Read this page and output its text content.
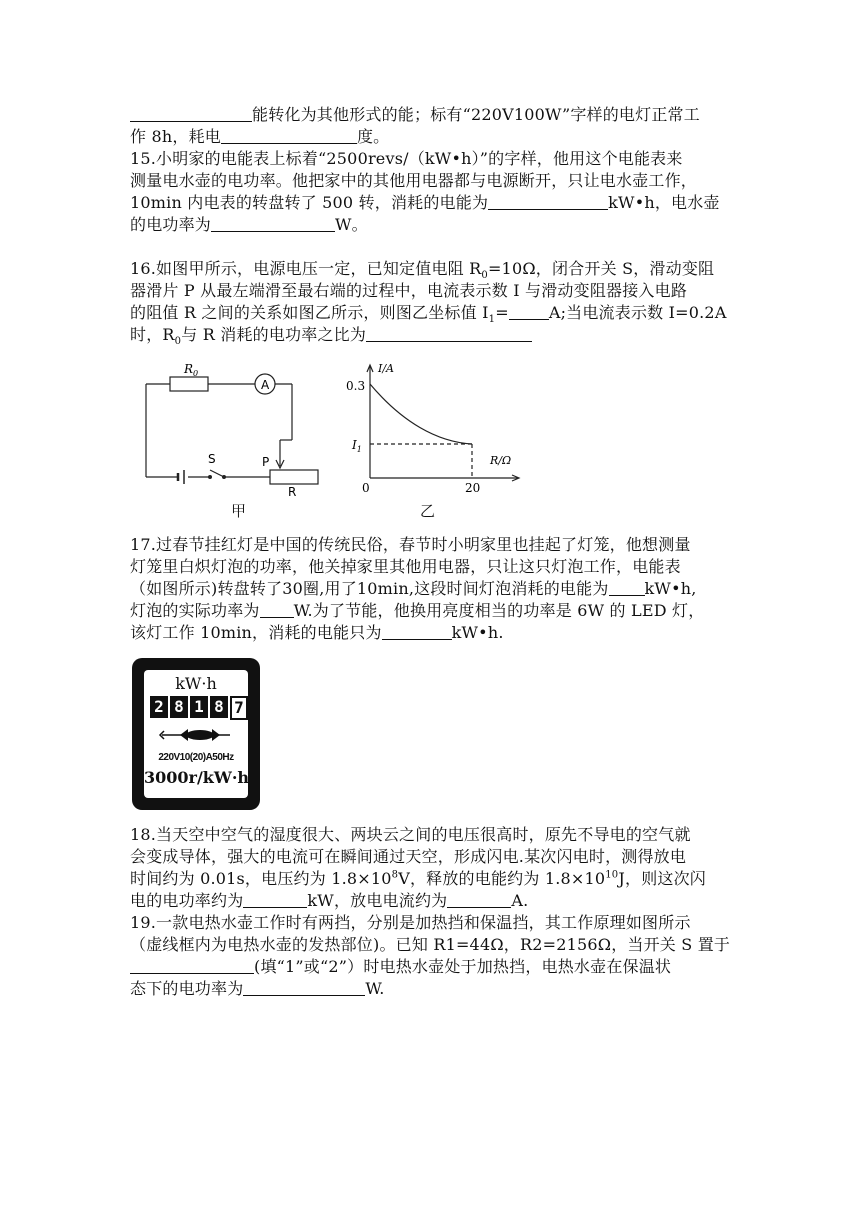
能转化为其他形式的能；标有“220V100W”字样的电灯正常工
作 8h，耗电	度。
15.小明家的电能表上标着“2500revs/（kW•h）”的字样，他用这个电能表来
测量电水壶的电功率。他把家中的其他用电器都与电源断开，只让电水壶工作，
10min 内电表的转盘转了 500 转，消耗的电能为	kW•h，电水壶
的电功率为	W。
16.如图甲所示，电源电压一定，已知定值电阻 $R_0=10\Omega$，闭合开关 S，滑动变阻
器滑片 P 从最左端滑至最右端的过程中，电流表示数 I 与滑动变阻器接入电路
的阻值 R 之间的关系如图乙所示，则图乙坐标值 $I_1=$	A;当电流表示数 I=0.2A
时，$R_0$与 R 消耗的电功率之比为
$R_0$
A
S	P
R
甲
I/A
R/Ω
0.3
$I_1$
0	20
乙
17.过春节挂红灯是中国的传统民俗，春节时小明家里也挂起了灯笼，他想测量
灯笼里白炽灯泡的功率，他关掉家里其他用电器，只让这只灯泡工作，电能表
（如图所示)转盘转了30圈,用了10min,这段时间灯泡消耗的电能为 kW•h,
灯泡的实际功率为 W.为了节能，他换用亮度相当的功率是 6W 的 LED 灯，
该灯工作 10min，消耗的电能只为	kW•h.
kW·h
2 8 1 8 7
220V10(20)A50Hz
3000r/kW·h
18.当天空中空气的湿度很大、两块云之间的电压很高时，原先不导电的空气就
会变成导体，强大的电流可在瞬间通过天空，形成闪电.某次闪电时，测得放电
时间约为 0.01s，电压约为 $1.8\times 10^8V$，释放的电能约为 $1.8\times 10^{10}J$，则这次闪
电的电功率约为	kW，放电电流约为	A.
19.一款电热水壶工作时有两挡，分别是加热挡和保温挡，其工作原理如图所示
（虚线框内为电热水壶的发热部位)。已知 R1=44Ω，R2=2156Ω，当开关 S 置于
(填“1”或“2”）时电热水壶处于加热挡，电热水壶在保温状
态下的电功率为	W.
